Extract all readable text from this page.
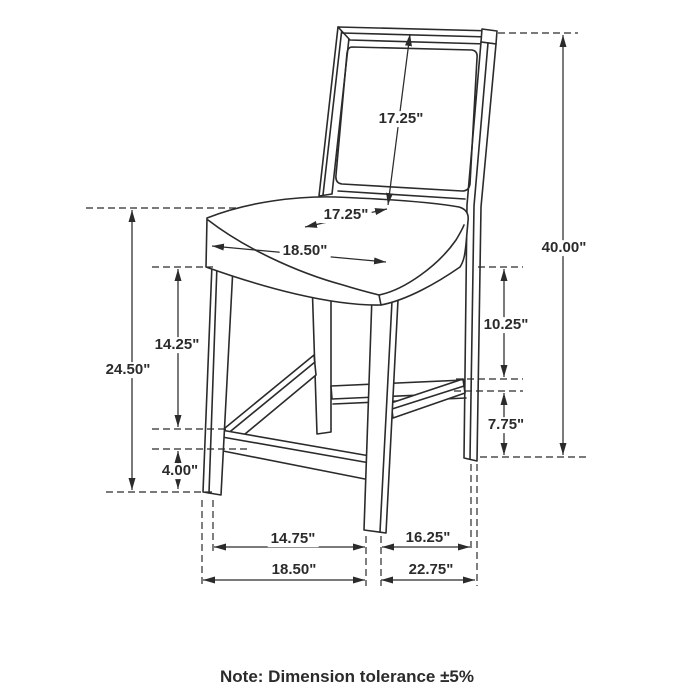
17.25"
17.25"
18.50"	40.00"
10.25"
7.75"
24.50"
14.25"
4.00"
14.75"	16.25"
18.50"	22.75"
Note: Dimension tolerance ±5%
